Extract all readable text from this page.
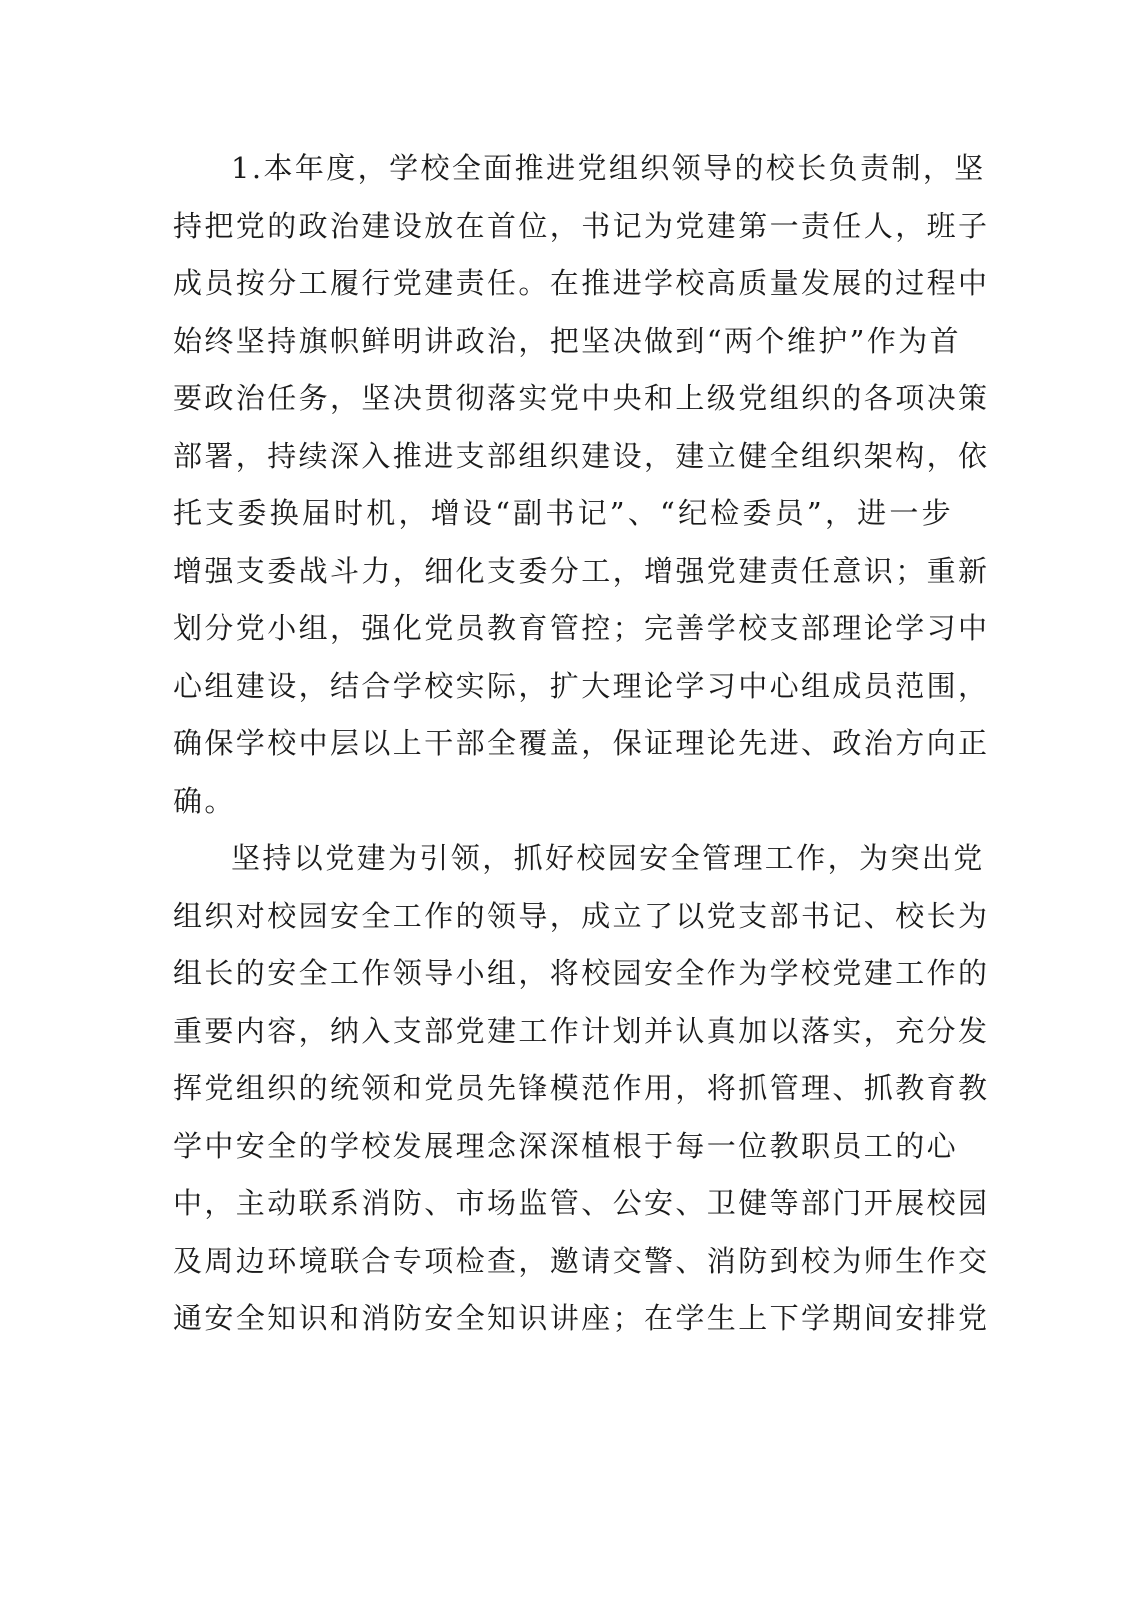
1.本年度，学校全面推进党组织领导的校长负责制，坚
持把党的政治建设放在首位，书记为党建第一责任人，班子
成员按分工履行党建责任。在推进学校高质量发展的过程中
始终坚持旗帜鲜明讲政治，把坚决做到“两个维护”作为首
要政治任务，坚决贯彻落实党中央和上级党组织的各项决策
部署，持续深入推进支部组织建设，建立健全组织架构，依
托支委换届时机，增设“副书记”、“纪检委员”，进一步
增强支委战斗力，细化支委分工，增强党建责任意识；重新
划分党小组，强化党员教育管控；完善学校支部理论学习中
心组建设，结合学校实际，扩大理论学习中心组成员范围，
确保学校中层以上干部全覆盖，保证理论先进、政治方向正
确。
坚持以党建为引领，抓好校园安全管理工作，为突出党
组织对校园安全工作的领导，成立了以党支部书记、校长为
组长的安全工作领导小组，将校园安全作为学校党建工作的
重要内容，纳入支部党建工作计划并认真加以落实，充分发
挥党组织的统领和党员先锋模范作用，将抓管理、抓教育教
学中安全的学校发展理念深深植根于每一位教职员工的心
中，主动联系消防、市场监管、公安、卫健等部门开展校园
及周边环境联合专项检查，邀请交警、消防到校为师生作交
通安全知识和消防安全知识讲座；在学生上下学期间安排党
